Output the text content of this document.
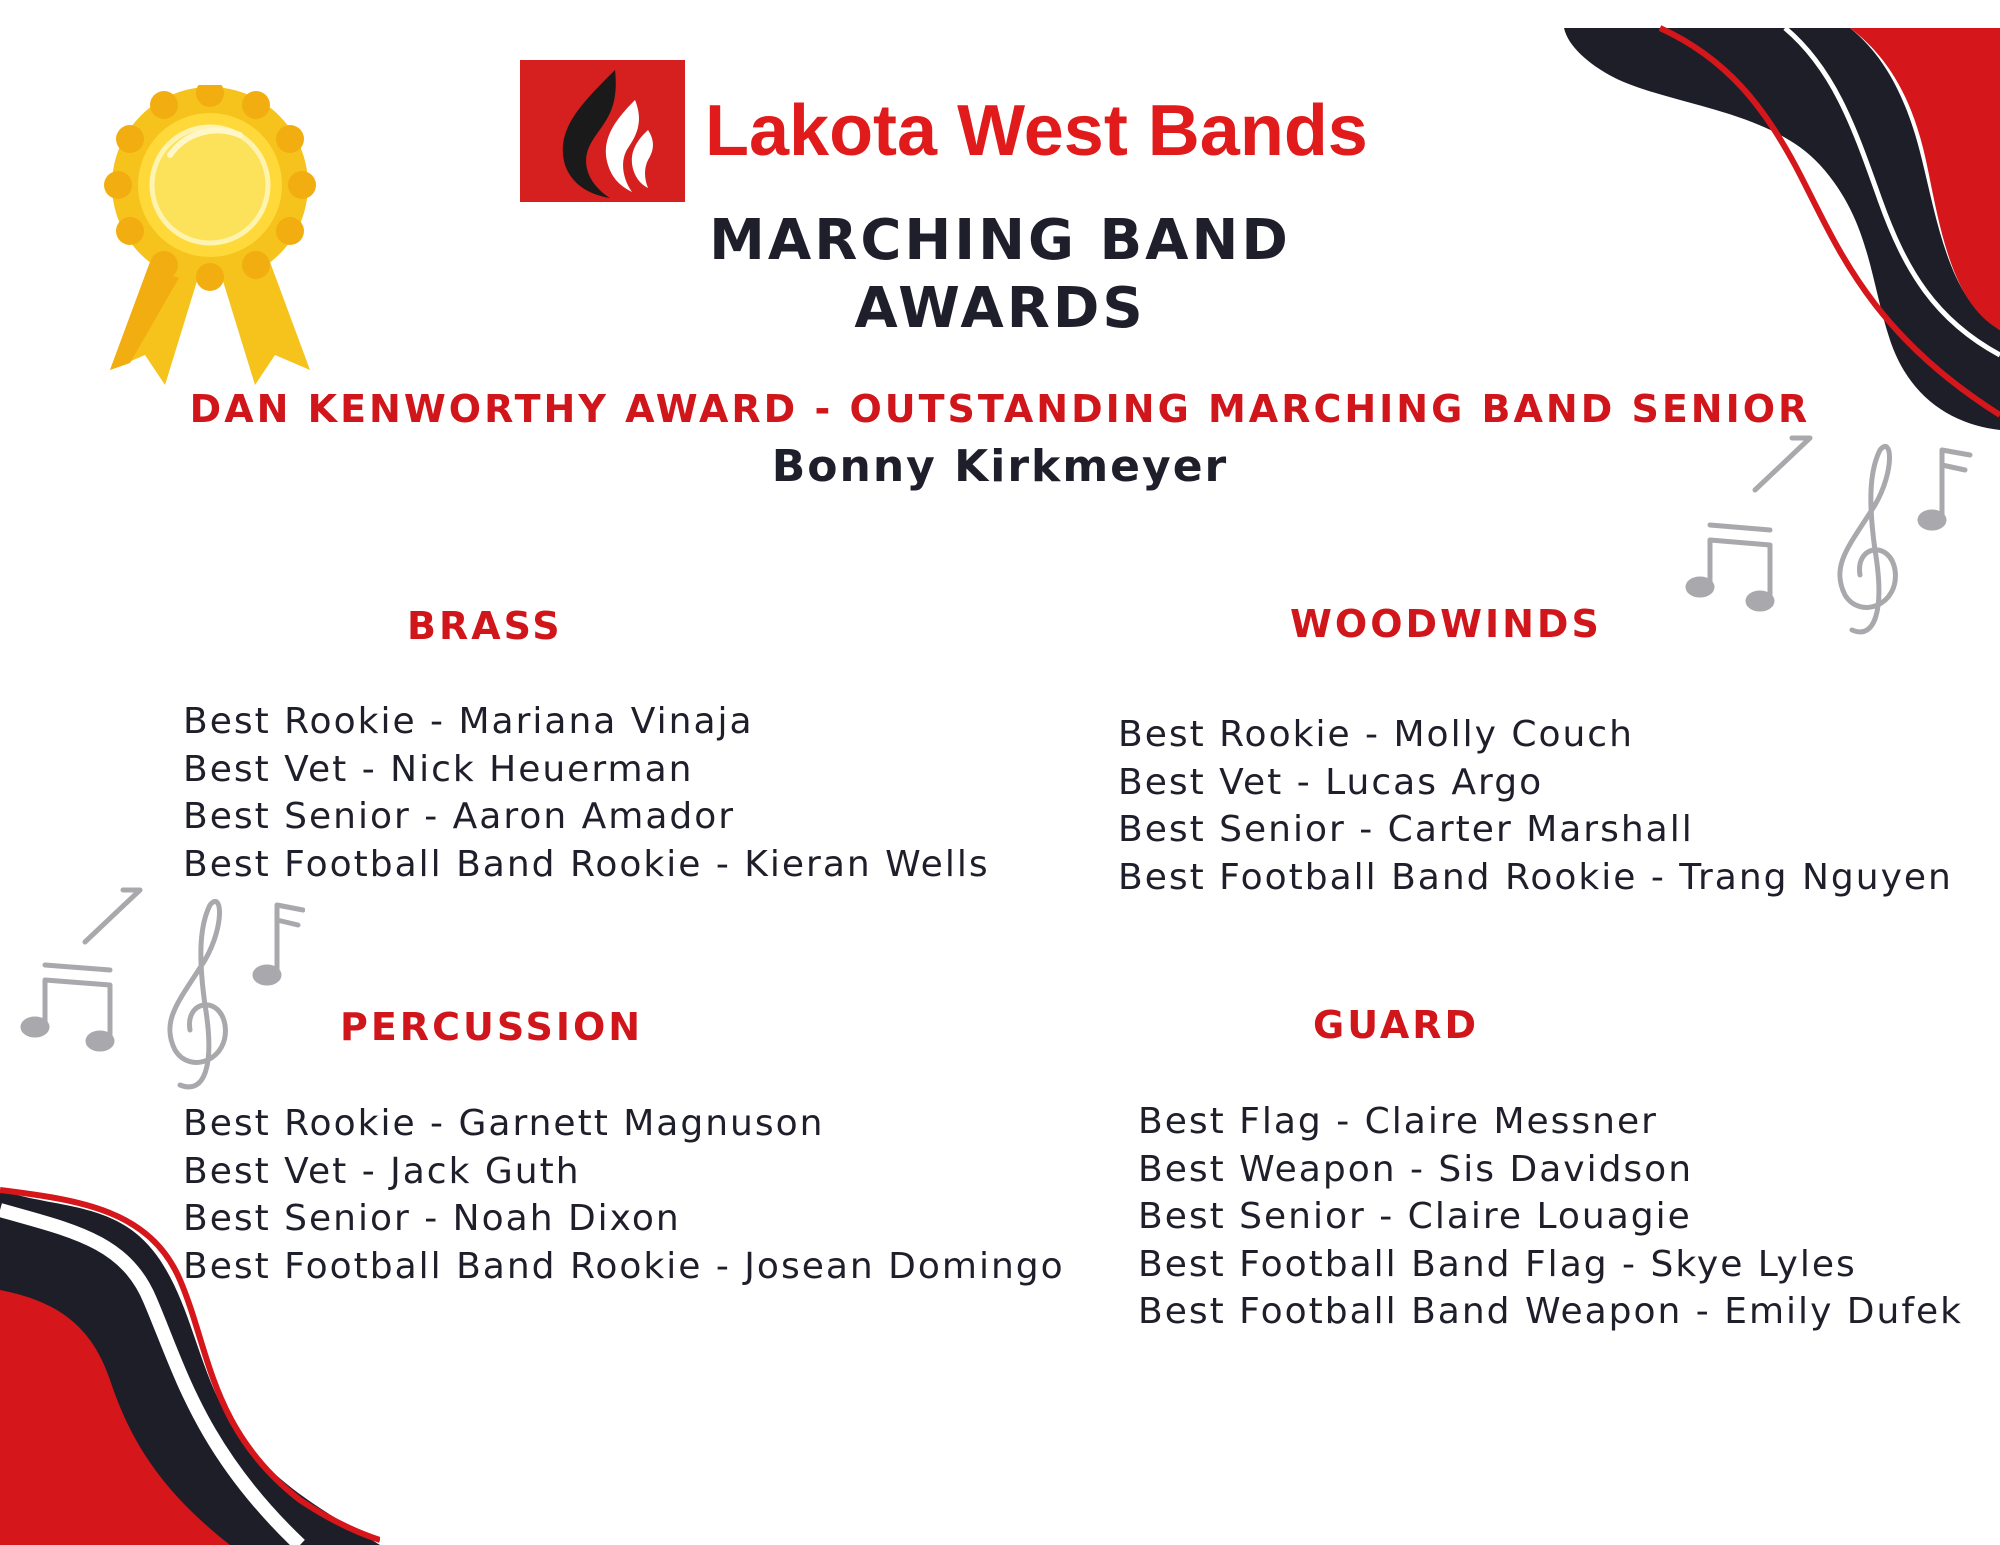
Lakota West Bands
MARCHING BAND
AWARDS
DAN KENWORTHY AWARD - OUTSTANDING MARCHING BAND SENIOR
Bonny Kirkmeyer
BRASS
Best Rookie - Mariana Vinaja
Best Vet - Nick Heuerman
Best Senior - Aaron Amador
Best Football Band Rookie - Kieran Wells
WOODWINDS
Best Rookie - Molly Couch
Best Vet - Lucas Argo
Best Senior - Carter Marshall
Best Football Band Rookie - Trang Nguyen
PERCUSSION
Best Rookie - Garnett Magnuson
Best Vet - Jack Guth
Best Senior - Noah Dixon
Best Football Band Rookie - Josean Domingo
GUARD
Best Flag - Claire Messner
Best Weapon - Sis Davidson
Best Senior - Claire Louagie
Best Football Band Flag - Skye Lyles
Best Football Band Weapon - Emily Dufek
